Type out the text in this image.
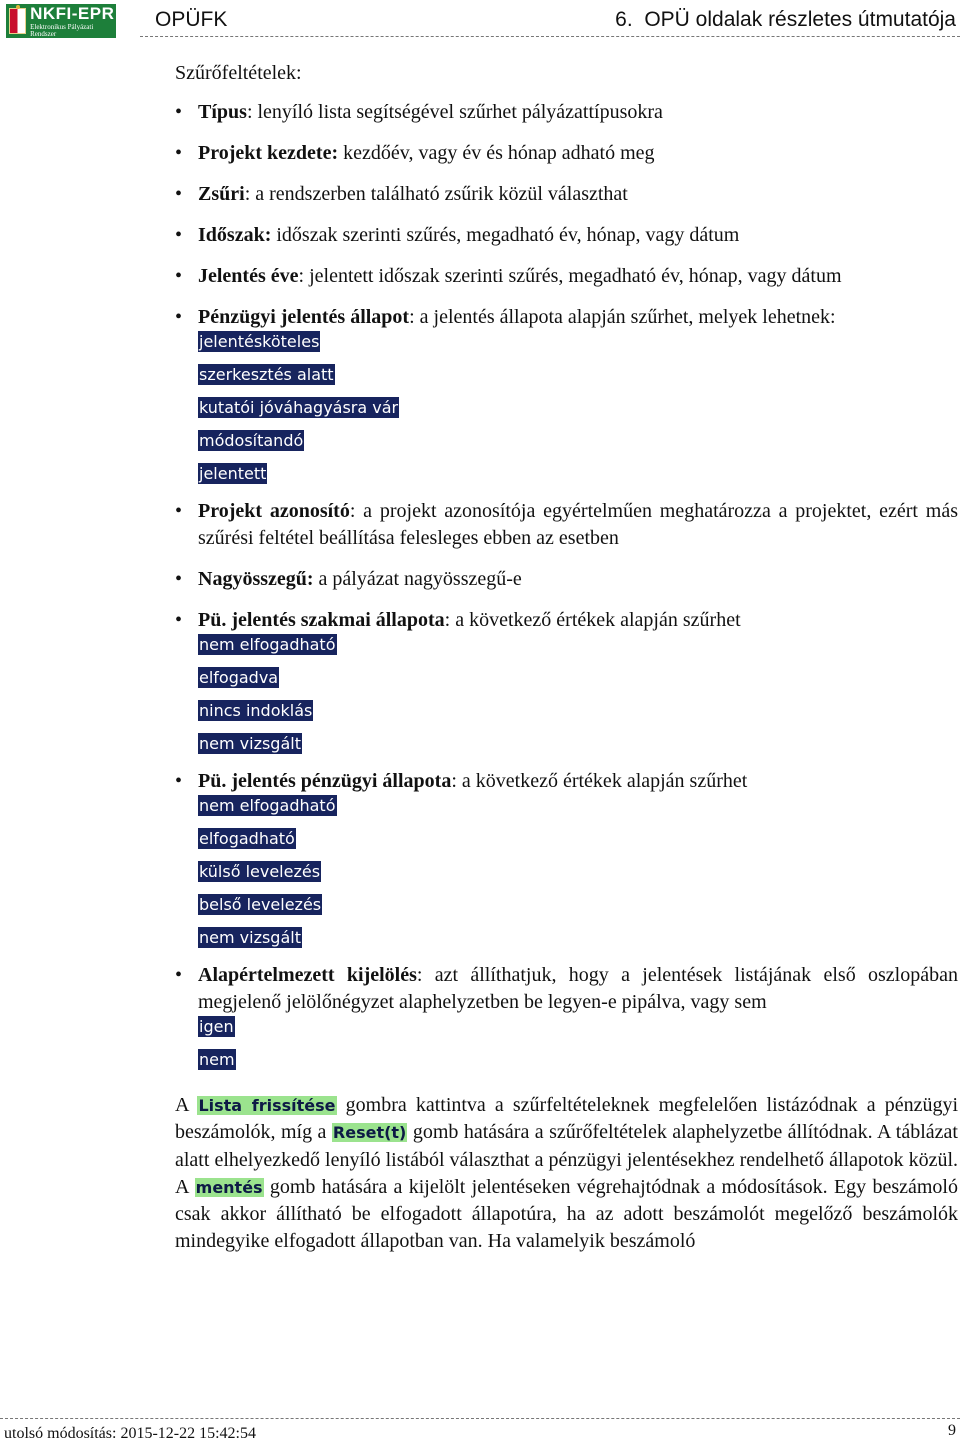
NKFI-EPR
Elektronikus Pályázati Rendszer
OPÜFK	6.  OPÜ oldalak részletes útmutatója
Szűrőfeltételek:
• Típus: lenyíló lista segítségével szűrhet pályázattípusokra
• Projekt kezdete: kezdőév, vagy év és hónap adható meg
• Zsűri: a rendszerben található zsűrik közül választhat
• Időszak: időszak szerinti szűrés, megadható év, hónap, vagy dátum
• Jelentés éve: jelentett időszak szerinti szűrés, megadható év, hónap, vagy dátum
• Pénzügyi jelentés állapot: a jelentés állapota alapján szűrhet, melyek lehetnek:
jelentésköteles
szerkesztés alatt
kutatói jóváhagyásra vár
módosítandó
jelentett
• Projekt azonosító: a projekt azonosítója egyértelműen meghatározza a projektet, ezért más szűrési feltétel beállítása felesleges ebben az esetben
• Nagyösszegű: a pályázat nagyösszegű-e
• Pü. jelentés szakmai állapota: a következő értékek alapján szűrhet
nem elfogadható
elfogadva
nincs indoklás
nem vizsgált
• Pü. jelentés pénzügyi állapota: a következő értékek alapján szűrhet
nem elfogadható
elfogadható
külső levelezés
belső levelezés
nem vizsgált
• Alapértelmezett kijelölés: azt állíthatjuk, hogy a jelentések listájának első oszlopában megjelenő jelölőnégyzet alaphelyzetben be legyen-e pipálva, vagy sem
igen
nem

A Lista frissítése gombra kattintva a szűrfeltételeknek megfelelően listázódnak a pénzügyi beszámolók, míg a Reset(t) gomb hatására a szűrőfeltételek alaphelyzetbe állítódnak. A táblázat alatt elhelyezkedő lenyíló listából választhat a pénzügyi jelentésekhez rendelhető állapotok közül. A mentés gomb hatására a kijelölt jelentéseken végrehajtódnak a módosítások. Egy beszámoló csak akkor állítható be elfogadott állapotúra, ha az adott beszámolót megelőző beszámolók mindegyike elfogadott állapotban van. Ha valamelyik beszámoló

utolsó módosítás: 2015-12-22 15:42:54	9
